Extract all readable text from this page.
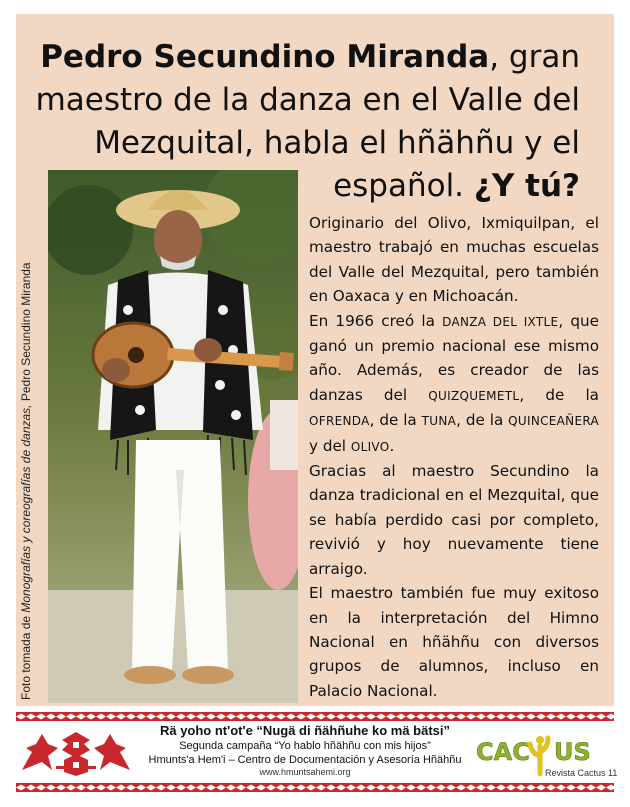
Pedro Secundino Miranda, gran maestro de la danza en el Valle del Mezquital, habla el hñähñu y el español. ¿Y tú?
Foto tomada de Monografías y coreografías de danzas, Pedro Secundino Miranda

Originario del Olivo, Ixmiquilpan, el maestro trabajó en muchas escuelas del Valle del Mezquital, pero también en Oaxaca y en Michoacán.

En 1966 creó la DANZA DEL IXTLE, que ganó un premio nacional ese mismo año. Además, es creador de las danzas del QUIZQUEMETL, de la OFRENDA, de la TUNA, de la QUINCEAÑERA y del OLIVO.

Gracias al maestro Secundino la danza tradicional en el Mezquital, que se había perdido casi por completo, revivió y hoy nuevamente tiene arraigo.

El maestro también fue muy exitoso en la interpretación del Himno Nacional en hñähñu con diversos grupos de alumnos, incluso en Palacio Nacional.

Rä yoho nt'ot'e “Nugä di ñähñuhe ko mä bätsi”
Segunda campaña “Yo hablo hñähñu con mis hijos”
Hmunts'a Hem'i – Centro de Documentación y Asesoría Hñähñu
www.hmuntsahemi.org
CAC US
Revista Cactus 11
